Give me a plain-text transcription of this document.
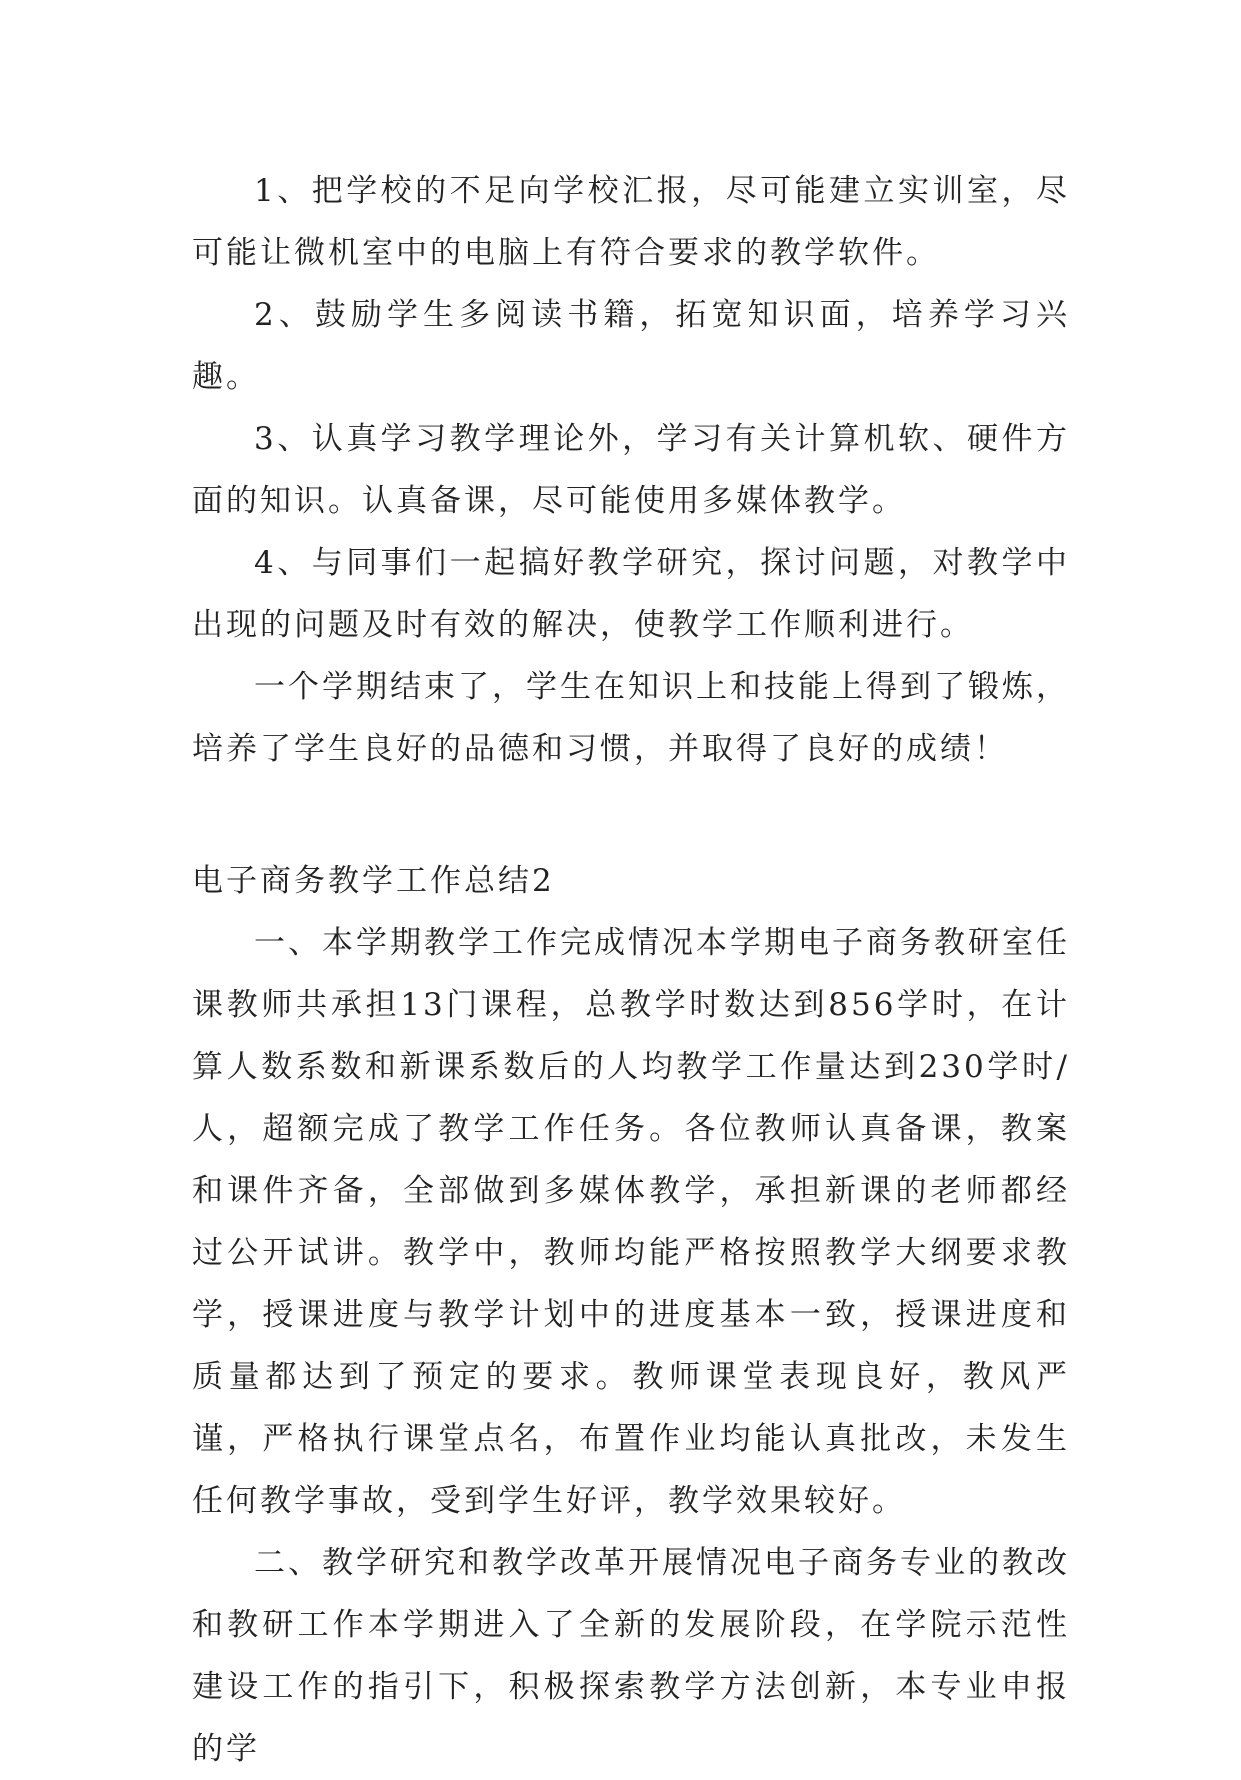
1、把学校的不足向学校汇报，尽可能建立实训室，尽可能让微机室中的电脑上有符合要求的教学软件。

2、鼓励学生多阅读书籍，拓宽知识面，培养学习兴趣。

3、认真学习教学理论外，学习有关计算机软、硬件方面的知识。认真备课，尽可能使用多媒体教学。

4、与同事们一起搞好教学研究，探讨问题，对教学中出现的问题及时有效的解决，使教学工作顺利进行。

一个学期结束了，学生在知识上和技能上得到了锻炼，培养了学生良好的品德和习惯，并取得了良好的成绩！

电子商务教学工作总结2

一、本学期教学工作完成情况本学期电子商务教研室任课教师共承担13门课程，总教学时数达到856学时，在计算人数系数和新课系数后的人均教学工作量达到230学时/人，超额完成了教学工作任务。各位教师认真备课，教案和课件齐备，全部做到多媒体教学，承担新课的老师都经过公开试讲。教学中，教师均能严格按照教学大纲要求教学，授课进度与教学计划中的进度基本一致，授课进度和质量都达到了预定的要求。教师课堂表现良好，教风严谨，严格执行课堂点名，布置作业均能认真批改，未发生任何教学事故，受到学生好评，教学效果较好。

二、教学研究和教学改革开展情况电子商务专业的教改和教研工作本学期进入了全新的发展阶段，在学院示范性建设工作的指引下，积极探索教学方法创新，本专业申报的学
